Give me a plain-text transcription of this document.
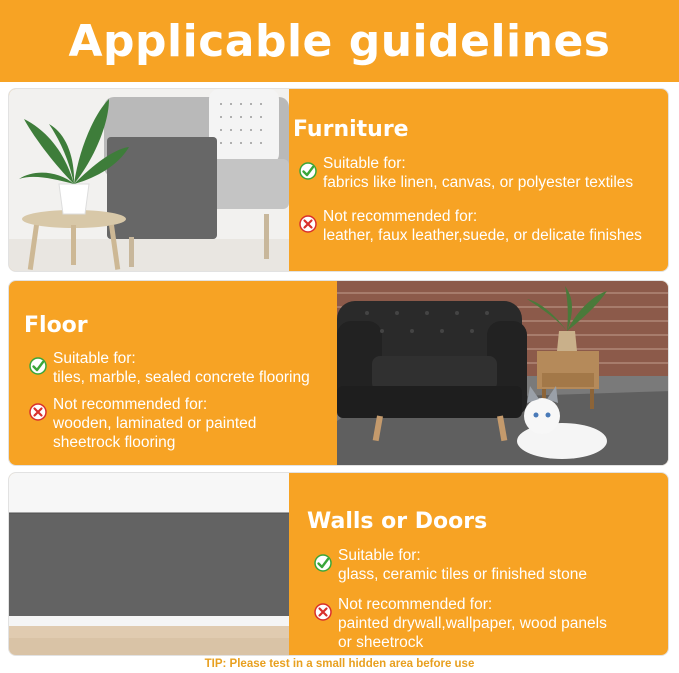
Applicable guidelines
Furniture
Suitable for:
fabrics like linen, canvas, or polyester textiles
Not recommended for:
leather, faux leather,suede, or delicate finishes
Floor
Suitable for:
tiles, marble, sealed concrete flooring
Not recommended for:
wooden, laminated or painted
sheetrock flooring
Walls or Doors
Suitable for:
glass, ceramic tiles or finished stone
Not recommended for:
painted drywall,wallpaper, wood panels
or sheetrock
TIP: Please test in a small hidden area before use
